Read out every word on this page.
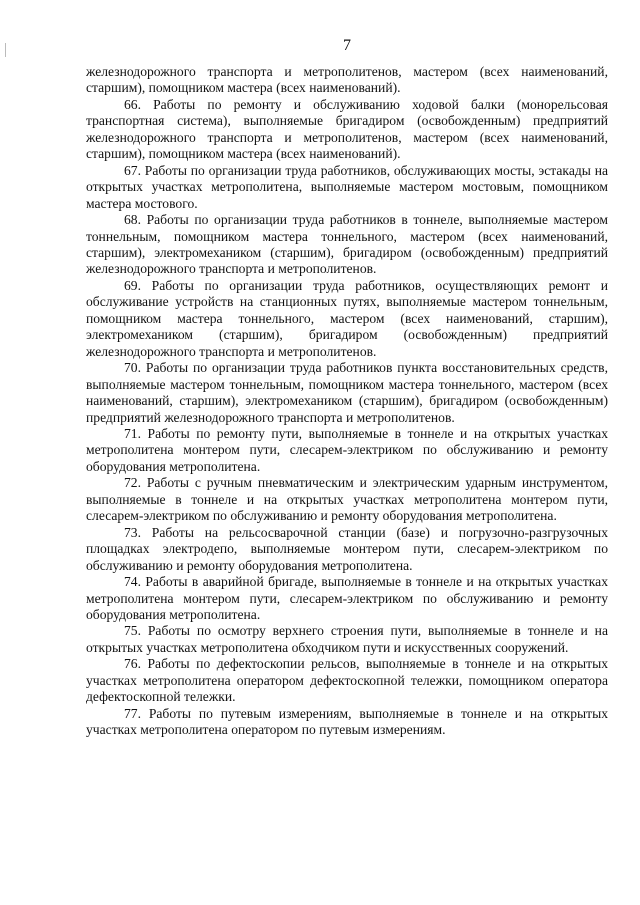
7

железнодорожного транспорта и метрополитенов, мастером (всех наименований, старшим), помощником мастера (всех наименований).

66. Работы по ремонту и обслуживанию ходовой балки (монорельсовая транспортная система), выполняемые бригадиром (освобожденным) предприятий железнодорожного транспорта и метрополитенов, мастером (всех наименований, старшим), помощником мастера (всех наименований).

67. Работы по организации труда работников, обслуживающих мосты, эстакады на открытых участках метрополитена, выполняемые мастером мостовым, помощником мастера мостового.

68. Работы по организации труда работников в тоннеле, выполняемые мастером тоннельным, помощником мастера тоннельного, мастером (всех наименований, старшим), электромехаником (старшим), бригадиром (освобожденным) предприятий железнодорожного транспорта и метрополитенов.

69. Работы по организации труда работников, осуществляющих ремонт и обслуживание устройств на станционных путях, выполняемые мастером тоннельным, помощником мастера тоннельного, мастером (всех наименований, старшим), электромехаником (старшим), бригадиром (освобожденным) предприятий железнодорожного транспорта и метрополитенов.

70. Работы по организации труда работников пункта восстановительных средств, выполняемые мастером тоннельным, помощником мастера тоннельного, мастером (всех наименований, старшим), электромехаником (старшим), бригадиром (освобожденным) предприятий железнодорожного транспорта и метрополитенов.

71. Работы по ремонту пути, выполняемые в тоннеле и на открытых участках метрополитена монтером пути, слесарем-электриком по обслуживанию и ремонту оборудования метрополитена.

72. Работы с ручным пневматическим и электрическим ударным инструментом, выполняемые в тоннеле и на открытых участках метрополитена монтером пути, слесарем-электриком по обслуживанию и ремонту оборудования метрополитена.

73. Работы на рельсосварочной станции (базе) и погрузочно-разгрузочных площадках электродепо, выполняемые монтером пути, слесарем-электриком по обслуживанию и ремонту оборудования метрополитена.

74. Работы в аварийной бригаде, выполняемые в тоннеле и на открытых участках метрополитена монтером пути, слесарем-электриком по обслуживанию и ремонту оборудования метрополитена.

75. Работы по осмотру верхнего строения пути, выполняемые в тоннеле и на открытых участках метрополитена обходчиком пути и искусственных сооружений.

76. Работы по дефектоскопии рельсов, выполняемые в тоннеле и на открытых участках метрополитена оператором дефектоскопной тележки, помощником оператора дефектоскопной тележки.

77. Работы по путевым измерениям, выполняемые в тоннеле и на открытых участках метрополитена оператором по путевым измерениям.
